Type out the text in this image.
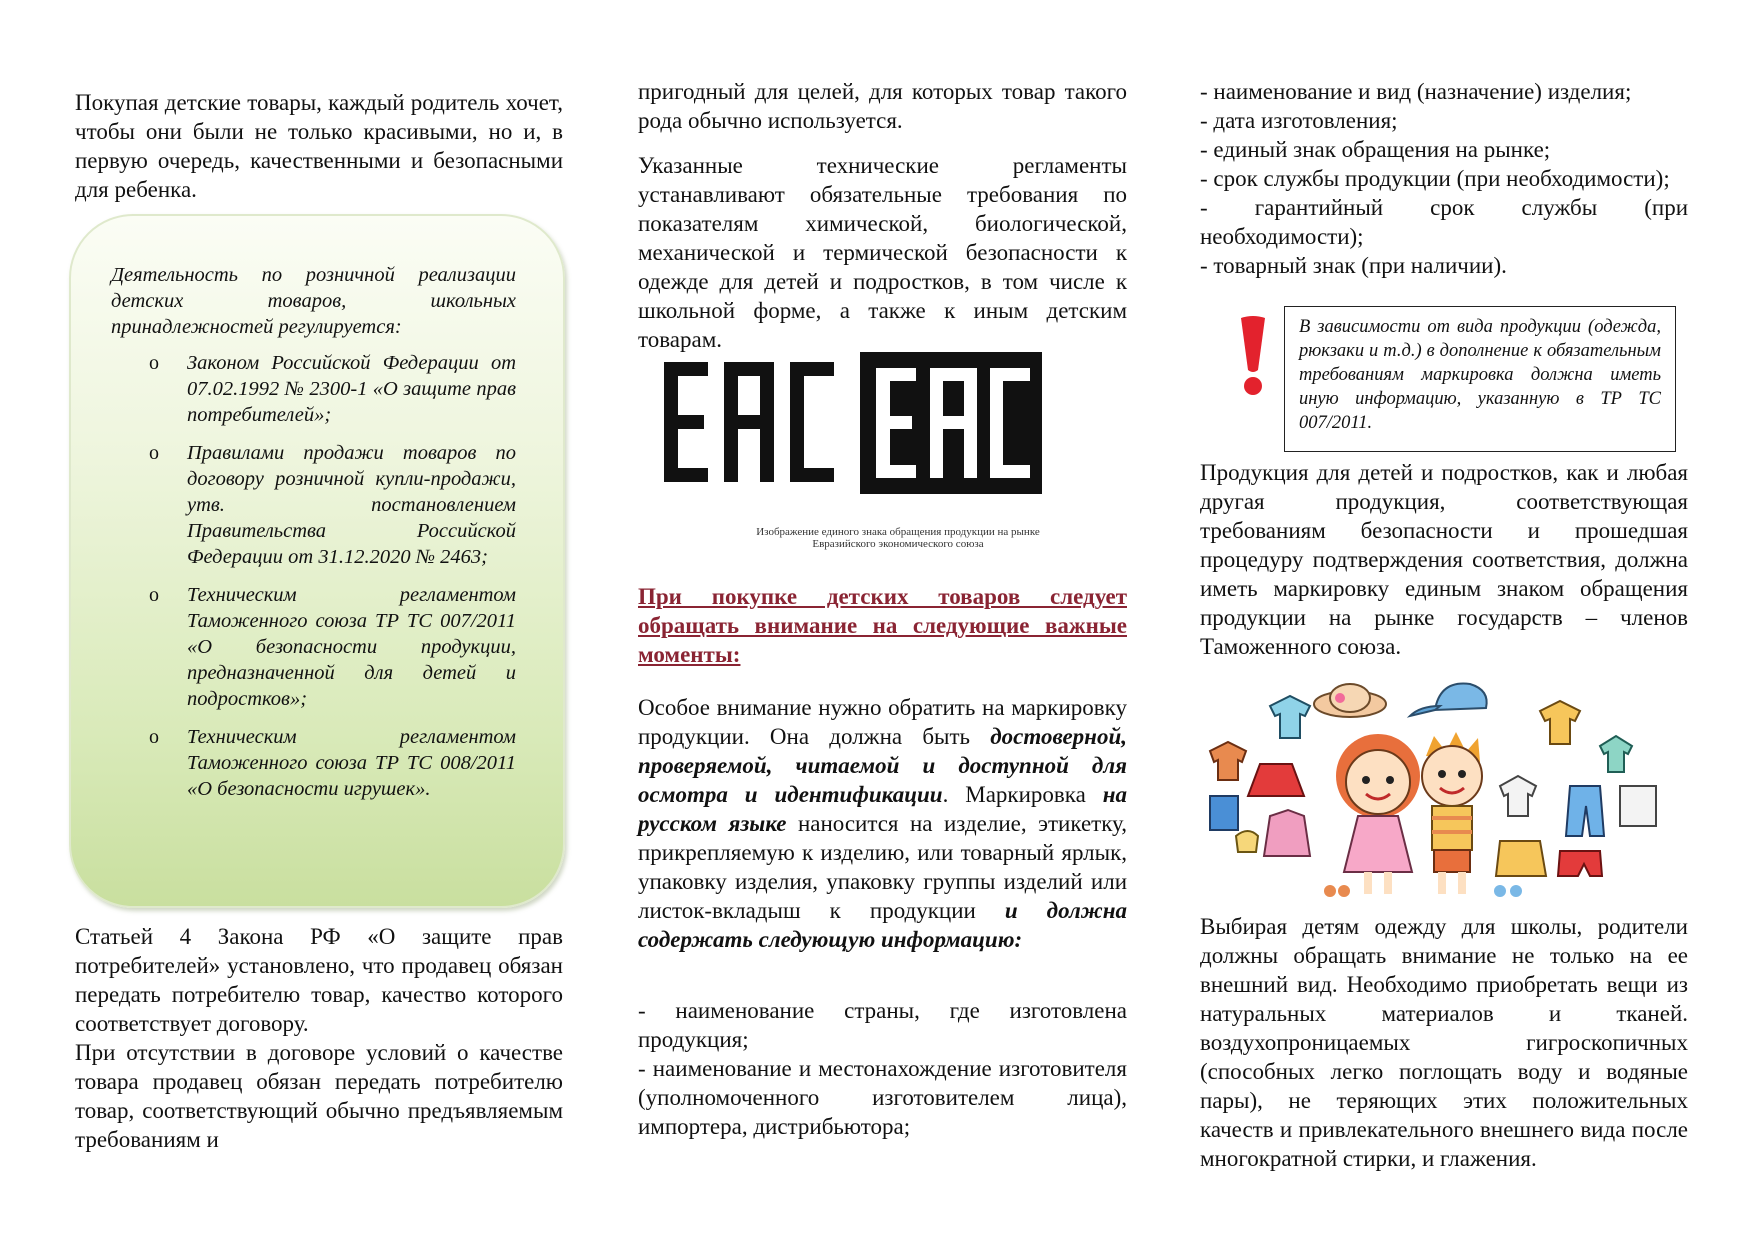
Покупая детские товары, каждый родитель хочет, чтобы они были не только красивыми, но и, в первую очередь, качественными и безопасными для ребенка.

Деятельность по розничной реализации детских товаров, школьных принадлежностей регулируется:

o Законом Российской Федерации от 07.02.1992 № 2300-1 «О защите прав потребителей»;
o Правилами продажи товаров по договору розничной купли-продажи, утв. постановлением Правительства Российской Федерации от 31.12.2020 № 2463;
o Техническим регламентом Таможенного союза ТР ТС 007/2011 «О безопасности продукции, предназначенной для детей и подростков»;
o Техническим регламентом Таможенного союза ТР ТС 008/2011 «О безопасности игрушек».

Статьей 4 Закона РФ «О защите прав потребителей» установлено, что продавец обязан передать потребителю товар, качество которого соответствует договору.

При отсутствии в договоре условий о качестве товара продавец обязан передать потребителю товар, соответствующий обычно предъявляемым требованиям и

пригодный для целей, для которых товар такого рода обычно используется.

Указанные технические регламенты устанавливают обязательные требования по показателям химической, биологической, механической и термической безопасности к одежде для детей и подростков, в том числе к школьной форме, а также к иным детским товарам.

Изображение единого знака обращения продукции на рынке
Евразийского экономического союза

При покупке детских товаров следует обращать внимание на следующие важные моменты:

Особое внимание нужно обратить на маркировку продукции. Она должна быть достоверной, проверяемой, читаемой и доступной для осмотра и идентификации. Маркировка на русском языке наносится на изделие, этикетку, прикрепляемую к изделию, или товарный ярлык, упаковку изделия, упаковку группы изделий или листок-вкладыш к продукции и должна содержать следующую информацию:

- наименование страны, где изготовлена продукция;

- наименование и местонахождение изготовителя (уполномоченного изготовителем лица), импортера, дистрибьютора;

- наименование и вид (назначение) изделия;

- дата изготовления;

- единый знак обращения на рынке;

- срок службы продукции (при необходимости);

- гарантийный срок службы (при необходимости);

- товарный знак (при наличии).

В зависимости от вида продукции (одежда, рюкзаки и т.д.) в дополнение к обязательным требованиям маркировка должна иметь иную информацию, указанную в ТР ТС 007/2011.

Продукция для детей и подростков, как и любая другая продукция, соответствующая требованиям безопасности и прошедшая процедуру подтверждения соответствия, должна иметь маркировку единым знаком обращения продукции на рынке государств – членов Таможенного союза.

Выбирая детям одежду для школы, родители должны обращать внимание не только на ее внешний вид. Необходимо приобретать вещи из натуральных материалов и тканей. воздухопроницаемых гигроскопичных (способных легко поглощать воду и водяные пары), не теряющих этих положительных качеств и привлекательного внешнего вида после многократной стирки, и глажения.
